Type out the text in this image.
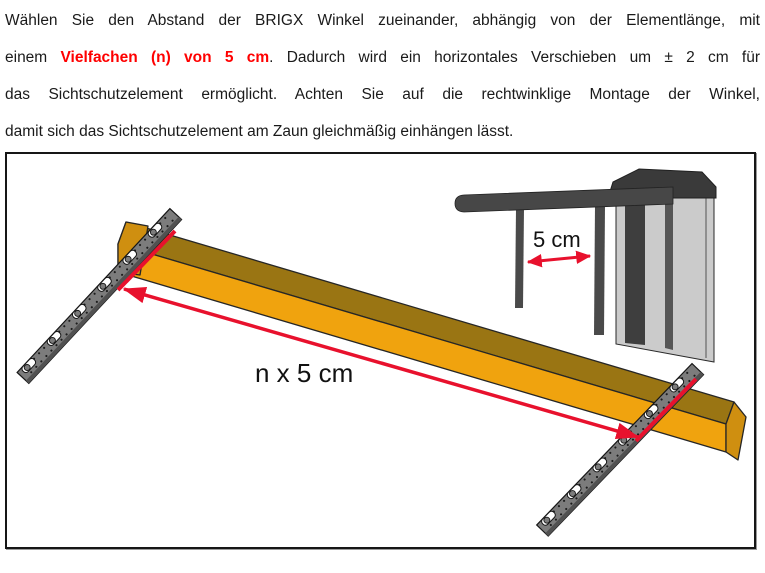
Wählen Sie den Abstand der BRIGX Winkel zueinander, abhängig von der Elementlänge, mit
einem Vielfachen (n) von 5 cm. Dadurch wird ein horizontales Verschieben um ± 2 cm für
das Sichtschutzelement ermöglicht. Achten Sie auf die rechtwinklige Montage der Winkel,
damit sich das Sichtschutzelement am Zaun gleichmäßig einhängen lässt.
n x 5 cm
5 cm
